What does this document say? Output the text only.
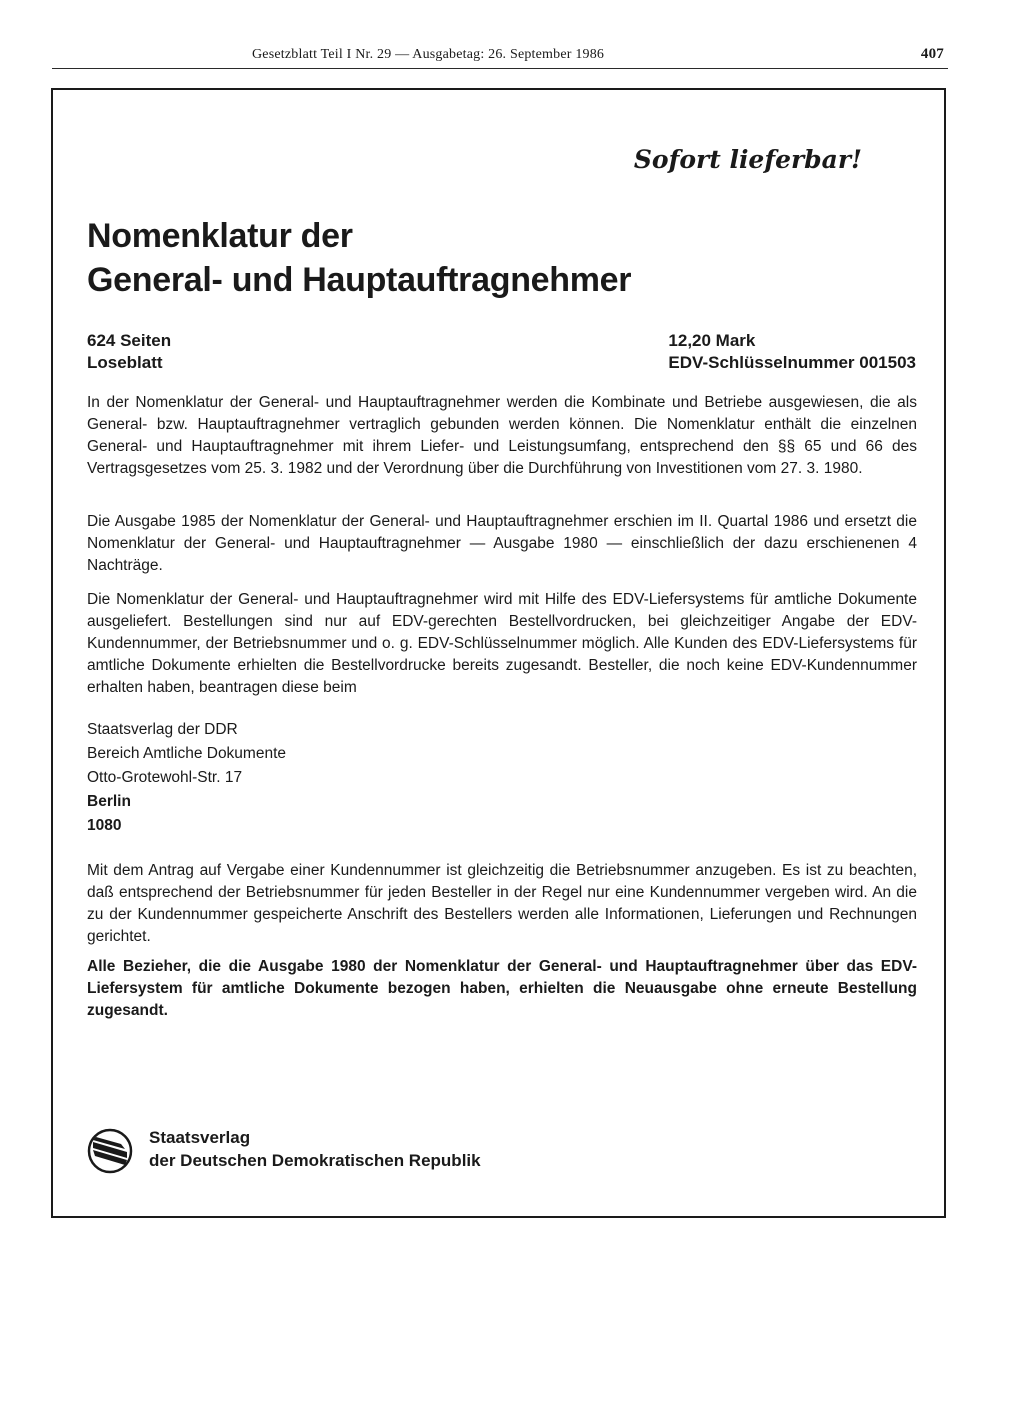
Gesetzblatt Teil I Nr. 29 — Ausgabetag: 26. September 1986	407
Sofort lieferbar!
Nomenklatur der
General- und Hauptauftragnehmer
624 Seiten
Loseblatt
12,20 Mark
EDV-Schlüsselnummer 001503

In der Nomenklatur der General- und Hauptauftragnehmer werden die Kombinate und Betriebe ausgewiesen, die als General- bzw. Hauptauftragnehmer vertraglich gebunden werden können. Die Nomenklatur enthält die einzelnen General- und Hauptauftragnehmer mit ihrem Liefer- und Leistungsumfang, entsprechend den §§ 65 und 66 des Vertragsgesetzes vom 25. 3. 1982 und der Verordnung über die Durchführung von Investitionen vom 27. 3. 1980.

Die Ausgabe 1985 der Nomenklatur der General- und Hauptauftragnehmer erschien im II. Quartal 1986 und ersetzt die Nomenklatur der General- und Hauptauftragnehmer — Ausgabe 1980 — einschließlich der dazu erschienenen 4 Nachträge.

Die Nomenklatur der General- und Hauptauftragnehmer wird mit Hilfe des EDV-Liefersystems für amtliche Dokumente ausgeliefert. Bestellungen sind nur auf EDV-gerechten Bestellvordrucken, bei gleichzeitiger Angabe der EDV-Kundennummer, der Betriebsnummer und o. g. EDV-Schlüsselnummer möglich. Alle Kunden des EDV-Liefersystems für amtliche Dokumente erhielten die Bestellvordrucke bereits zugesandt. Besteller, die noch keine EDV-Kundennummer erhalten haben, beantragen diese beim

Staatsverlag der DDR
Bereich Amtliche Dokumente
Otto-Grotewohl-Str. 17
Berlin
1080

Mit dem Antrag auf Vergabe einer Kundennummer ist gleichzeitig die Betriebsnummer anzugeben. Es ist zu beachten, daß entsprechend der Betriebsnummer für jeden Besteller in der Regel nur eine Kundennummer vergeben wird. An die zu der Kundennummer gespeicherte Anschrift des Bestellers werden alle Informationen, Lieferungen und Rechnungen gerichtet.

Alle Bezieher, die die Ausgabe 1980 der Nomenklatur der General- und Hauptauftragnehmer über das EDV-Liefersystem für amtliche Dokumente bezogen haben, erhielten die Neuausgabe ohne erneute Bestellung zugesandt.

Staatsverlag
der Deutschen Demokratischen Republik
